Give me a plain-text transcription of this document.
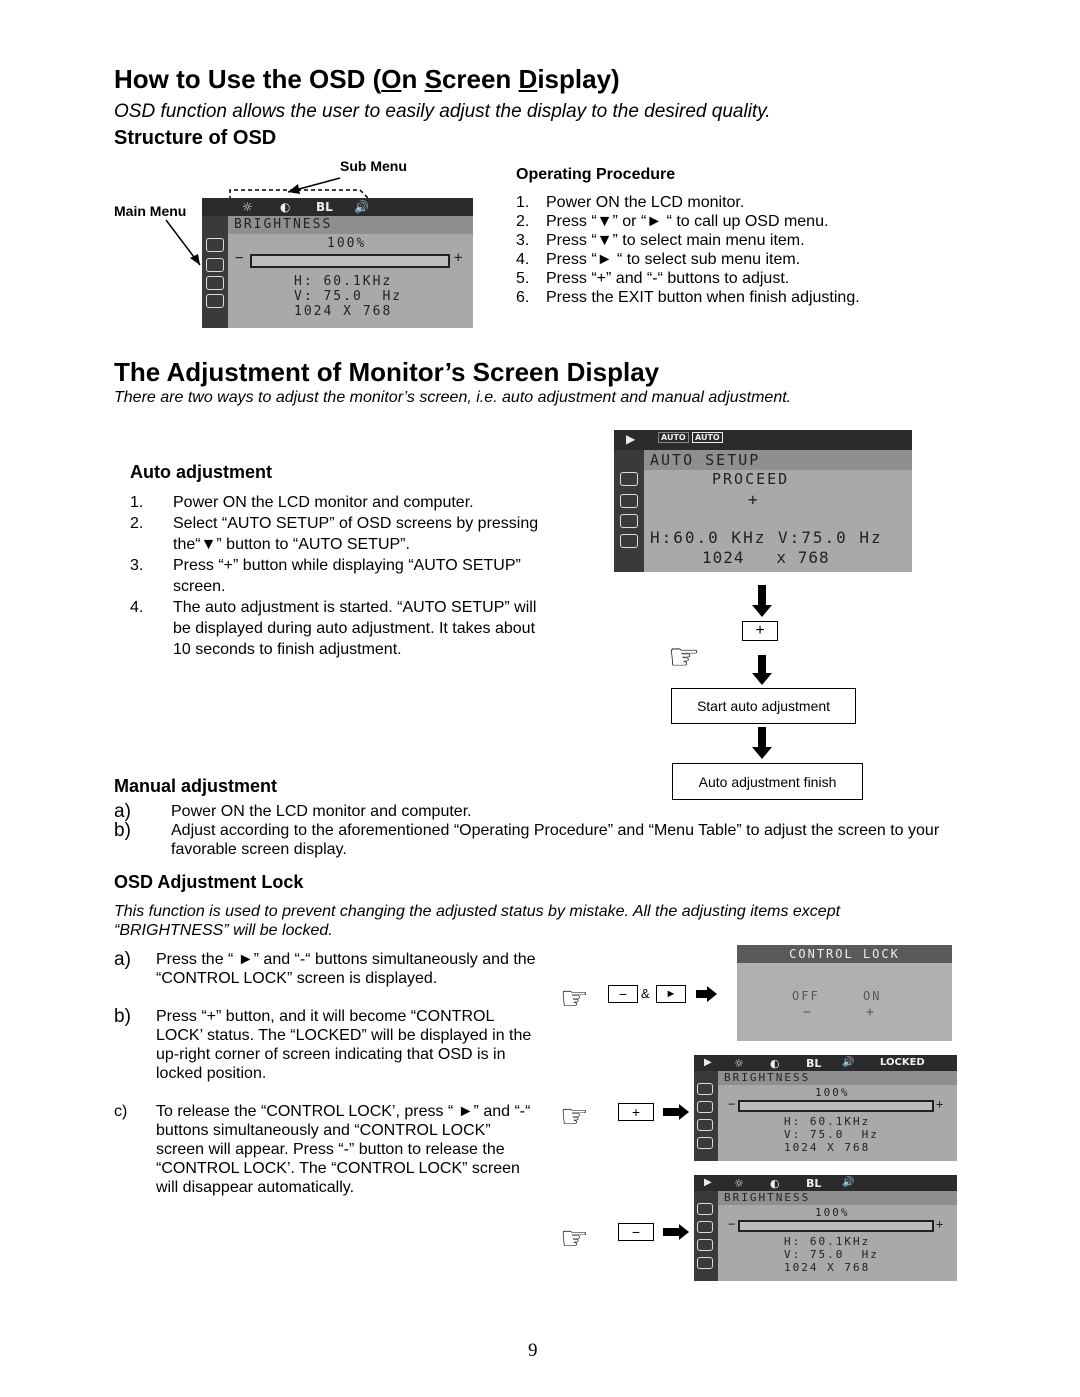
How to Use the OSD (On Screen Display)
OSD function allows the user to easily adjust the display to the desired quality.
Structure of OSD
Sub Menu
Main Menu	☼ ◐ BL 🔊
BRIGHTNESS
100%
−	+
H: 60.1KHz
V: 75.0  Hz
1024 X 768
Operating Procedure
1. Power ON the LCD monitor.
2. Press “▼” or “► “ to call up OSD menu.
3. Press “▼” to select main menu item.
4. Press “► “ to select sub menu item.
5. Press “+” and “-“ buttons to adjust.
6. Press the EXIT button when finish adjusting.
The Adjustment of Monitor’s Screen Display
There are two ways to adjust the monitor’s screen, i.e. auto adjustment and manual adjustment.
Auto adjustment
1. Power ON the LCD monitor and computer.
2. Select “AUTO SETUP” of OSD screens by pressing the“▼” button to “AUTO SETUP”.
3. Press “+” button while displaying “AUTO SETUP” screen.
4. The auto adjustment is started. “AUTO SETUP” will be displayed during auto adjustment. It takes about 10 seconds to finish adjustment.
▶	AUTO	AUTO
AUTO SETUP
PROCEED
+
H:60.0 KHz V:75.0 Hz
1024   x 768
+
☞
Start auto adjustment
Auto adjustment finish
Manual adjustment
a)	Power ON the LCD monitor and computer.
b)	Adjust according to the aforementioned “Operating Procedure” and “Menu Table” to adjust the screen to your favorable screen display.
OSD Adjustment Lock
This function is used to prevent changing the adjusted status by mistake. All the adjusting items except “BRIGHTNESS” will be locked.
a) Press the “ ►” and “-“ buttons simultaneously and the “CONTROL LOCK” screen is displayed.
b) Press “+” button, and it will become “CONTROL LOCK’ status. The “LOCKED” will be displayed in the up-right corner of screen indicating that OSD is in locked position.
c) To release the “CONTROL LOCK’, press “ ►” and “-“ buttons simultaneously and “CONTROL LOCK” screen will appear. Press “-” button to release the “CONTROL LOCK’. The “CONTROL LOCK” screen will disappear automatically.
☞	−	&	►
CONTROL LOCK
OFF	ON
−	+
☞	+
▶ ☼ ◐ BL 🔊	LOCKED
BRIGHTNESS
100%
−	+
H: 60.1KHz
V: 75.0  Hz
1024 X 768
☞	−
▶ ☼ ◐ BL 🔊
BRIGHTNESS
100%
−	+
H: 60.1KHz
V: 75.0  Hz
1024 X 768
9
